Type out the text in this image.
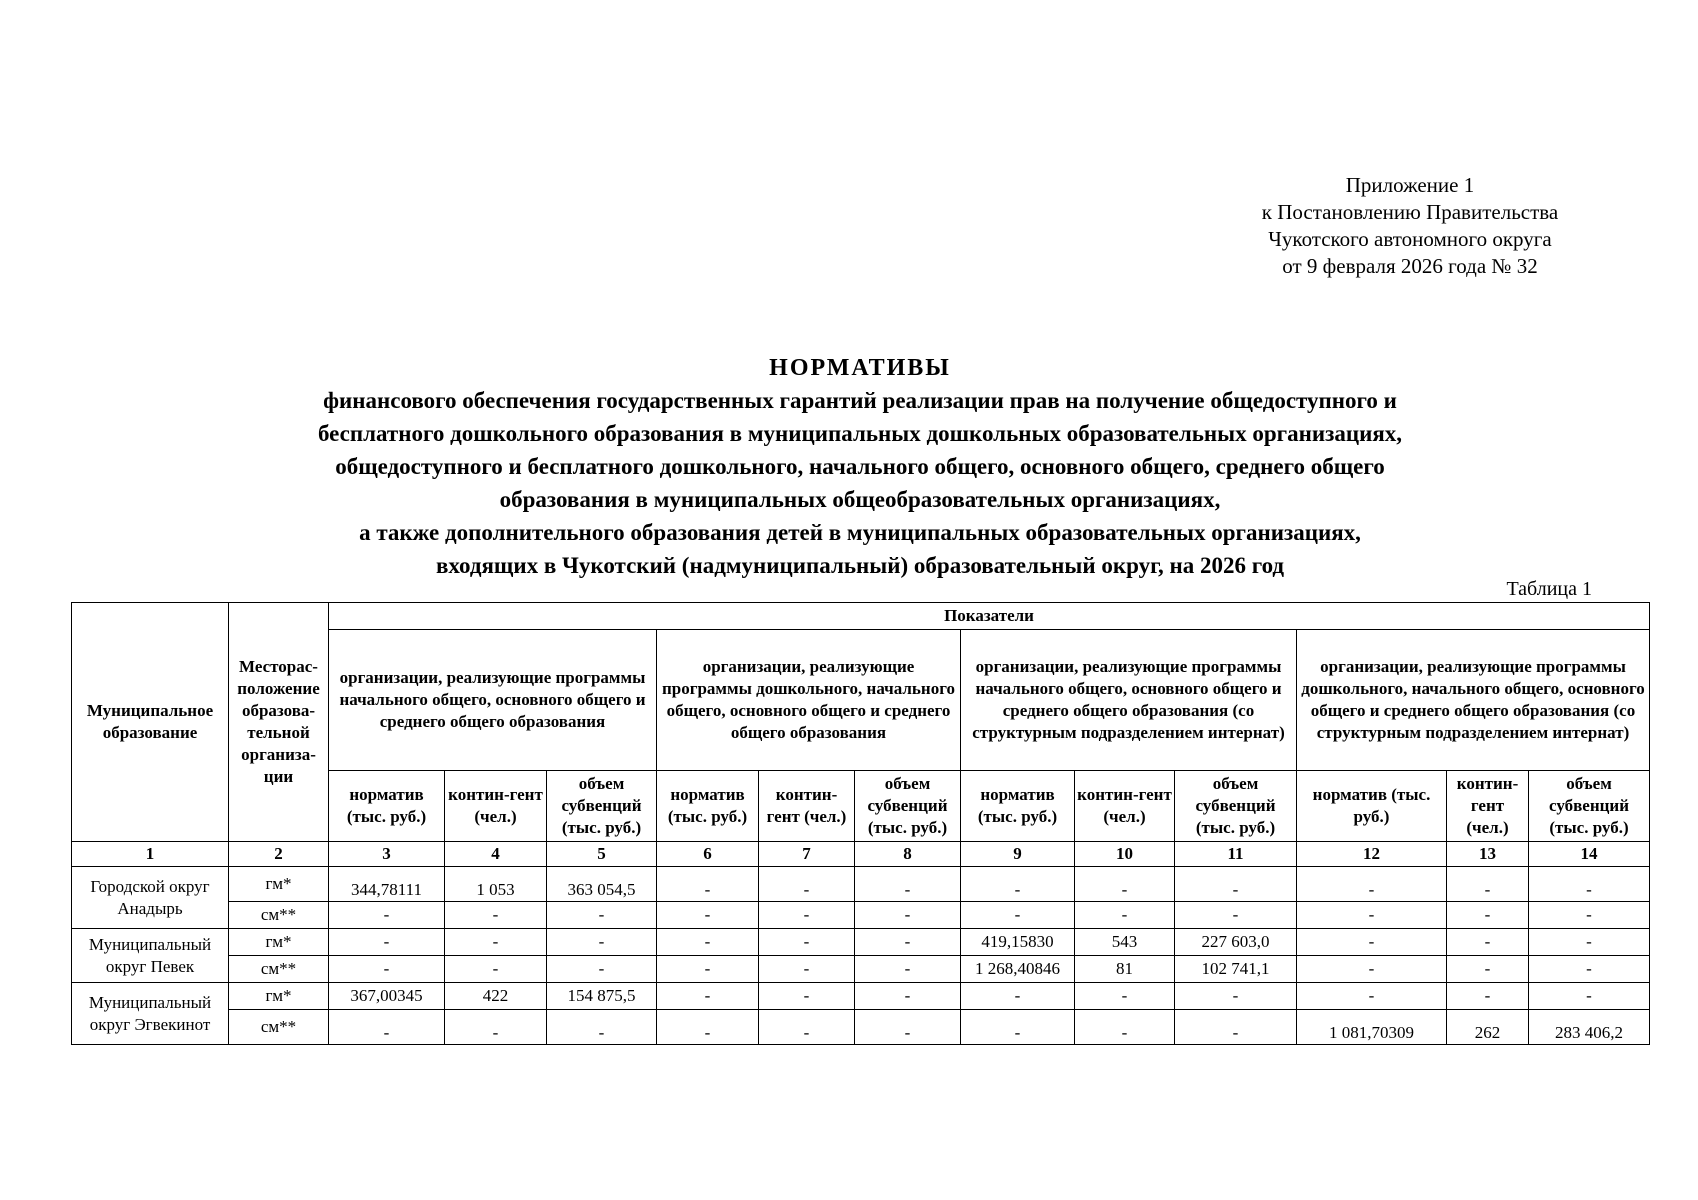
Приложение 1
к Постановлению Правительства
Чукотского автономного округа
от 9 февраля 2026 года № 32
НОРМАТИВЫ
финансового обеспечения государственных гарантий реализации прав на получение общедоступного и
бесплатного дошкольного образования в муниципальных дошкольных образовательных организациях,
общедоступного и бесплатного дошкольного, начального общего, основного общего, среднего общего
образования в муниципальных общеобразовательных организациях,
а также дополнительного образования детей в муниципальных образовательных организациях,
входящих в Чукотский (надмуниципальный) образовательный округ, на 2026 год
Таблица 1
Муниципальное образование	Месторас-положение образова-тельной организа-ции	Показатели											
		организации, реализующие программы начального общего, основного общего и среднего общего образования			организации, реализующие программы дошкольного, начального общего, основного общего и среднего общего образования			организации, реализующие программы начального общего, основного общего и среднего общего образования (со структурным подразделением интернат)			организации, реализующие программы дошкольного, начального общего, основного общего и среднего общего образования (со структурным подразделением интернат)		
		норматив (тыс. руб.)	контин-гент (чел.)	объем субвенций (тыс. руб.)	норматив (тыс. руб.)	контин-гент (чел.)	объем субвенций (тыс. руб.)	норматив (тыс. руб.)	контин-гент (чел.)	объем субвенций (тыс. руб.)	норматив (тыс. руб.)	контин-гент (чел.)	объем субвенций (тыс. руб.)
1	2	3	4	5	6	7	8	9	10	11	12	13	14
Городской округ Анадырь	гм*	344,78111	1 053	363 054,5	-	-	-	-	-	-	-	-	-
	см**	-	-	-	-	-	-	-	-	-	-	-	-
Муниципальный округ Певек	гм*	-	-	-	-	-	-	419,15830	543	227 603,0	-	-	-
	см**	-	-	-	-	-	-	1 268,40846	81	102 741,1	-	-	-
Муниципальный округ Эгвекинот	гм*	367,00345	422	154 875,5	-	-	-	-	-	-	-	-	-
	см**	-	-	-	-	-	-	-	-	-	1 081,70309	262	283 406,2
